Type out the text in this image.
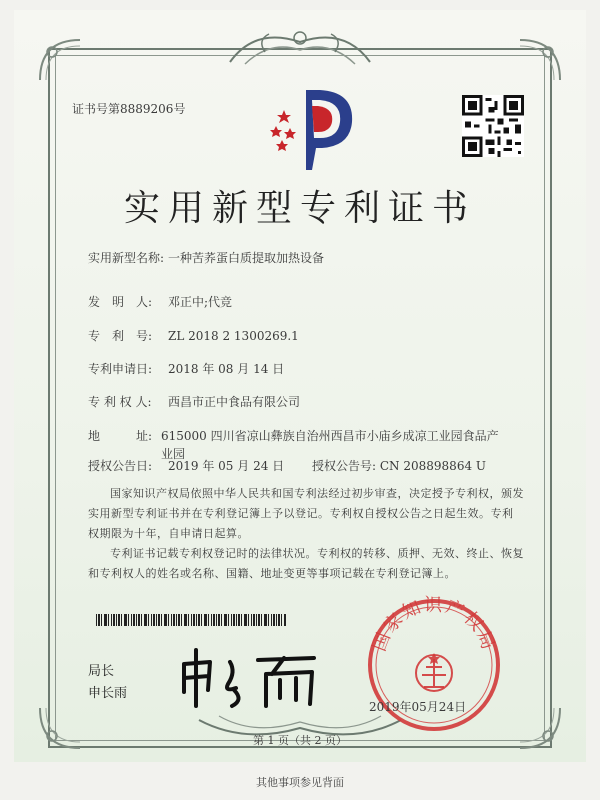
证书号第8889206号
实用新型专利证书
实用新型名称: 一种苦荞蛋白质提取加热设备
发　明　人: 邓正中;代竞
专　利　号: ZL 2018 2 1300269.1
专利申请日: 2018 年 08 月 14 日
专 利 权 人: 西昌市正中食品有限公司
地　　　址: 615000 四川省凉山彝族自治州西昌市小庙乡成凉工业园食品产业园
授权公告日: 2019 年 05 月 24 日 授权公告号: CN 208898864 U

国家知识产权局依照中华人民共和国专利法经过初步审查，决定授予专利权，颁发实用新型专利证书并在专利登记簿上予以登记。专利权自授权公告之日起生效。专利权期限为十年，自申请日起算。

专利证书记载专利权登记时的法律状况。专利权的转移、质押、无效、终止、恢复和专利权人的姓名或名称、国籍、地址变更等事项记载在专利登记簿上。

局长
申长雨
国家知识产权局
2019年05月24日
第 1 页（共 2 页）
其他事项参见背面
